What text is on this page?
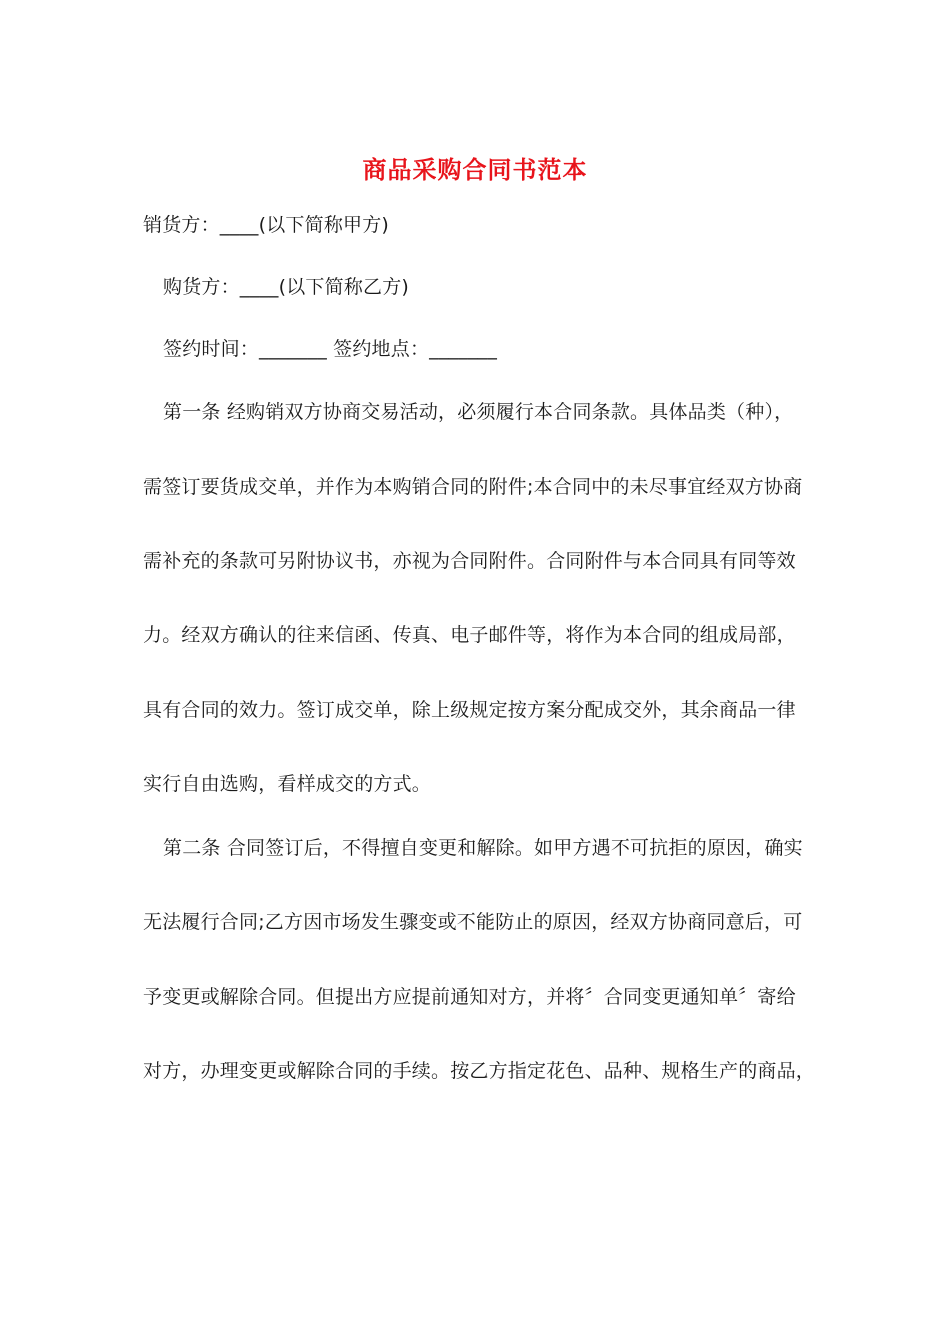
商品采购合同书范本
销货方：____(以下简称甲方)
购货方：____(以下简称乙方)
签约时间：_______ 签约地点：_______
第一条 经购销双方协商交易活动，必须履行本合同条款。具体品类（种），
需签订要货成交单，并作为本购销合同的附件;本合同中的未尽事宜经双方协商
需补充的条款可另附协议书，亦视为合同附件。合同附件与本合同具有同等效
力。经双方确认的往来信函、传真、电子邮件等，将作为本合同的组成局部，
具有合同的效力。签订成交单，除上级规定按方案分配成交外，其余商品一律
实行自由选购，看样成交的方式。
第二条 合同签订后，不得擅自变更和解除。如甲方遇不可抗拒的原因，确实
无法履行合同;乙方因市场发生骤变或不能防止的原因，经双方协商同意后，可
予变更或解除合同。但提出方应提前通知对方，并将〞合同变更通知单〞寄给
对方，办理变更或解除合同的手续。按乙方指定花色、品种、规格生产的商品，
